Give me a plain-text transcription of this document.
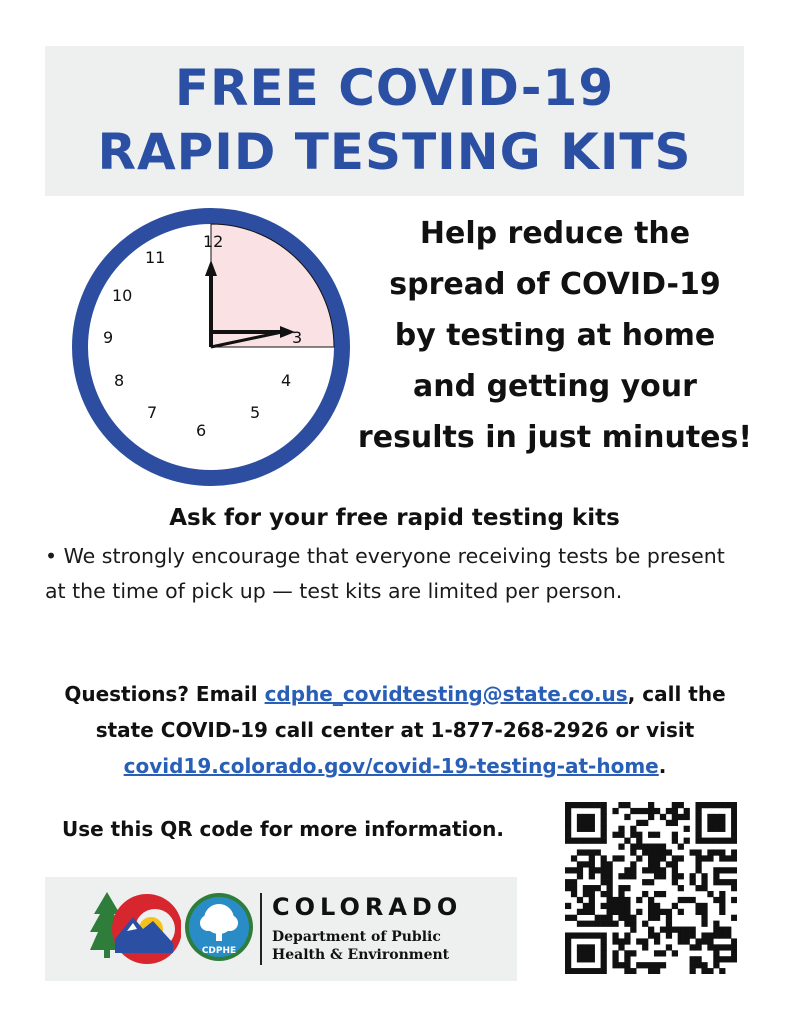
FREE COVID-19
RAPID TESTING KITS
12
11
10
9
8
7
6
5
4
3
Help reduce the
spread of COVID-19
by testing at home
and getting your
results in just minutes!
Ask for your free rapid testing kits
• We strongly encourage that everyone receiving tests be present at the time of pick up — test kits are limited per person.
Questions? Email cdphe_covidtesting@state.co.us, call the state COVID-19 call center at 1-877-268-2926 or visit covid19.colorado.gov/covid-19-testing-at-home.
Use this QR code for more information.
CDPHE
COLORADO
Department of Public
Health & Environment
